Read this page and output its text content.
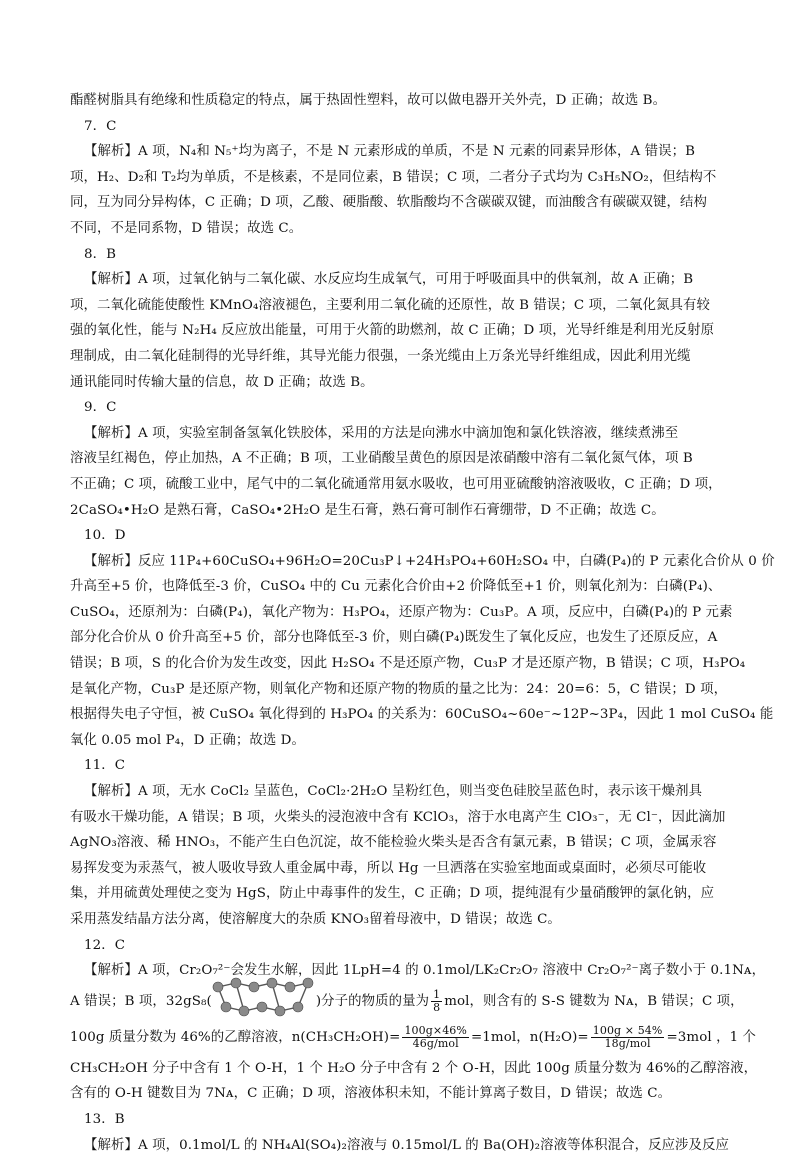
酯醛树脂具有绝缘和性质稳定的特点，属于热固性塑料，故可以做电器开关外壳，D 正确；故选 B。
7．C
【解析】A 项，N₄和 N₅⁺均为离子，不是 N 元素形成的单质，不是 N 元素的同素异形体，A 错误；B
项，H₂、D₂和 T₂均为单质，不是核素，不是同位素，B 错误；C 项，二者分子式均为 C₃H₅NO₂，但结构不
同，互为同分异构体，C 正确；D 项，乙酸、硬脂酸、软脂酸均不含碳碳双键，而油酸含有碳碳双键，结构
不同，不是同系物，D 错误；故选 C。
8．B
【解析】A 项，过氧化钠与二氧化碳、水反应均生成氧气，可用于呼吸面具中的供氧剂，故 A 正确；B
项，二氧化硫能使酸性 KMnO₄溶液褪色，主要利用二氧化硫的还原性，故 B 错误；C 项，二氧化氮具有较
强的氧化性，能与 N₂H₄ 反应放出能量，可用于火箭的助燃剂，故 C 正确；D 项，光导纤维是利用光反射原
理制成，由二氧化硅制得的光导纤维，其导光能力很强，一条光缆由上万条光导纤维组成，因此利用光缆
通讯能同时传输大量的信息，故 D 正确；故选 B。
9．C
【解析】A 项，实验室制备氢氧化铁胶体，采用的方法是向沸水中滴加饱和氯化铁溶液，继续煮沸至
溶液呈红褐色，停止加热，A 不正确；B 项，工业硝酸呈黄色的原因是浓硝酸中溶有二氧化氮气体，项 B
不正确；C 项，硫酸工业中，尾气中的二氧化硫通常用氨水吸收，也可用亚硫酸钠溶液吸收，C 正确；D 项，
2CaSO₄•H₂O 是熟石膏，CaSO₄•2H₂O 是生石膏，熟石膏可制作石膏绷带，D 不正确；故选 C。
10．D
【解析】反应 11P₄+60CuSO₄+96H₂O=20Cu₃P↓+24H₃PO₄+60H₂SO₄ 中，白磷(P₄)的 P 元素化合价从 0 价
升高至+5 价，也降低至-3 价，CuSO₄ 中的 Cu 元素化合价由+2 价降低至+1 价，则氧化剂为：白磷(P₄)、
CuSO₄，还原剂为：白磷(P₄)，氧化产物为：H₃PO₄，还原产物为：Cu₃P。A 项，反应中，白磷(P₄)的 P 元素
部分化合价从 0 价升高至+5 价，部分也降低至-3 价，则白磷(P₄)既发生了氧化反应，也发生了还原反应，A
错误；B 项，S 的化合价为发生改变，因此 H₂SO₄ 不是还原产物，Cu₃P 才是还原产物，B 错误；C 项，H₃PO₄
是氧化产物，Cu₃P 是还原产物，则氧化产物和还原产物的物质的量之比为：24：20=6：5，C 错误；D 项，
根据得失电子守恒，被 CuSO₄ 氧化得到的 H₃PO₄ 的关系为：60CuSO₄~60e⁻~12P~3P₄，因此 1 mol CuSO₄ 能
氧化 0.05 mol P₄，D 正确；故选 D。
11．C
【解析】A 项，无水 CoCl₂ 呈蓝色，CoCl₂·2H₂O 呈粉红色，则当变色硅胶呈蓝色时，表示该干燥剂具
有吸水干燥功能，A 错误；B 项，火柴头的浸泡液中含有 KClO₃，溶于水电离产生 ClO₃⁻，无 Cl⁻，因此滴加
AgNO₃溶液、稀 HNO₃，不能产生白色沉淀，故不能检验火柴头是否含有氯元素，B 错误；C 项，金属汞容
易挥发变为汞蒸气，被人吸收导致人重金属中毒，所以 Hg 一旦洒落在实验室地面或桌面时，必须尽可能收
集，并用硫黄处理使之变为 HgS，防止中毒事件的发生，C 正确；D 项，提纯混有少量硝酸钾的氯化钠，应
采用蒸发结晶方法分离，使溶解度大的杂质 KNO₃留着母液中，D 错误；故选 C。
12．C
【解析】A 项，Cr₂O₇²⁻会发生水解，因此 1LpH=4 的 0.1mol/LK₂Cr₂O₇ 溶液中 Cr₂O₇²⁻离子数小于 0.1Nᴀ，
A 错误；B 项，32gS₈(	)分子的物质的量为 $\frac{1}{8}$ mol，则含有的 S-S 键数为 Nᴀ，B 错误；C 项，
100g 质量分数为 46%的乙醇溶液，$n(CH_3CH_2OH)= \frac{100g\times 46\%}{\text{46g/mol}} =1mol$，$n(H_2O)= \frac{100g \times 54\%}{\text{18g/mol}} =3mol$ ，1 个
CH₃CH₂OH 分子中含有 1 个 O-H，1 个 H₂O 分子中含有 2 个 O-H，因此 100g 质量分数为 46%的乙醇溶液，
含有的 O-H 键数目为 7Nᴀ，C 正确；D 项，溶液体积未知，不能计算离子数目，D 错误；故选 C。
13．B
【解析】A 项，0.1mol/L 的 NH₄Al(SO₄)₂溶液与 0.15mol/L 的 Ba(OH)₂溶液等体积混合，反应涉及反应
